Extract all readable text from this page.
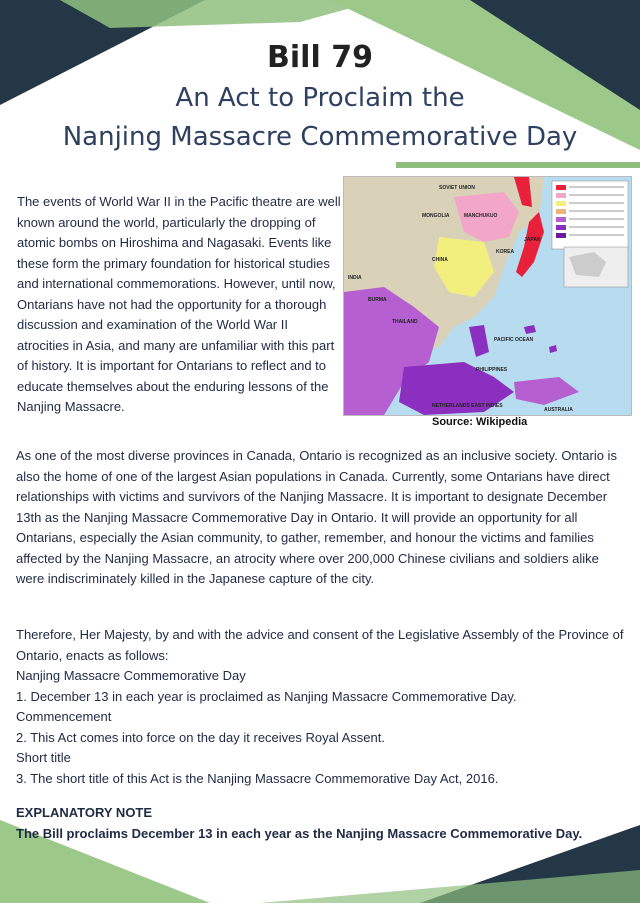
Bill 79
An Act to Proclaim the
Nanjing Massacre Commemorative Day

The events of World War II in the Pacific theatre are well known around the world, particularly the dropping of atomic bombs on Hiroshima and Nagasaki. Events like these form the primary foundation for historical studies and international commemorations. However, until now, Ontarians have not had the opportunity for a thorough discussion and examination of the World War II atrocities in Asia, and many are unfamiliar with this part of history. It is important for Ontarians to reflect and to educate themselves about the enduring lessons of the Nanjing Massacre.

SOVIET UNION
MONGOLIA	MANCHUKUO
JAPAN
KOREA
CHINA
INDIA
BURMA
THAILAND
PHILIPPINES
PACIFIC OCEAN
NETHERLANDS EAST INDIES
AUSTRALIA
Source: Wikipedia

As one of the most diverse provinces in Canada, Ontario is recognized as an inclusive society. Ontario is also the home of one of the largest Asian populations in Canada. Currently, some Ontarians have direct relationships with victims and survivors of the Nanjing Massacre. It is important to designate December 13th as the Nanjing Massacre Commemorative Day in Ontario. It will provide an opportunity for all Ontarians, especially the Asian community, to gather, remember, and honour the victims and families affected by the Nanjing Massacre, an atrocity where over 200,000 Chinese civilians and soldiers alike were indiscriminately killed in the Japanese capture of the city.

Therefore, Her Majesty, by and with the advice and consent of the Legislative Assembly of the Province of Ontario, enacts as follows:
Nanjing Massacre Commemorative Day
1. December 13 in each year is proclaimed as Nanjing Massacre Commemorative Day.
Commencement
2. This Act comes into force on the day it receives Royal Assent.
Short title
3. The short title of this Act is the Nanjing Massacre Commemorative Day Act, 2016.
EXPLANATORY NOTE
The Bill proclaims December 13 in each year as the Nanjing Massacre Commemorative Day.
